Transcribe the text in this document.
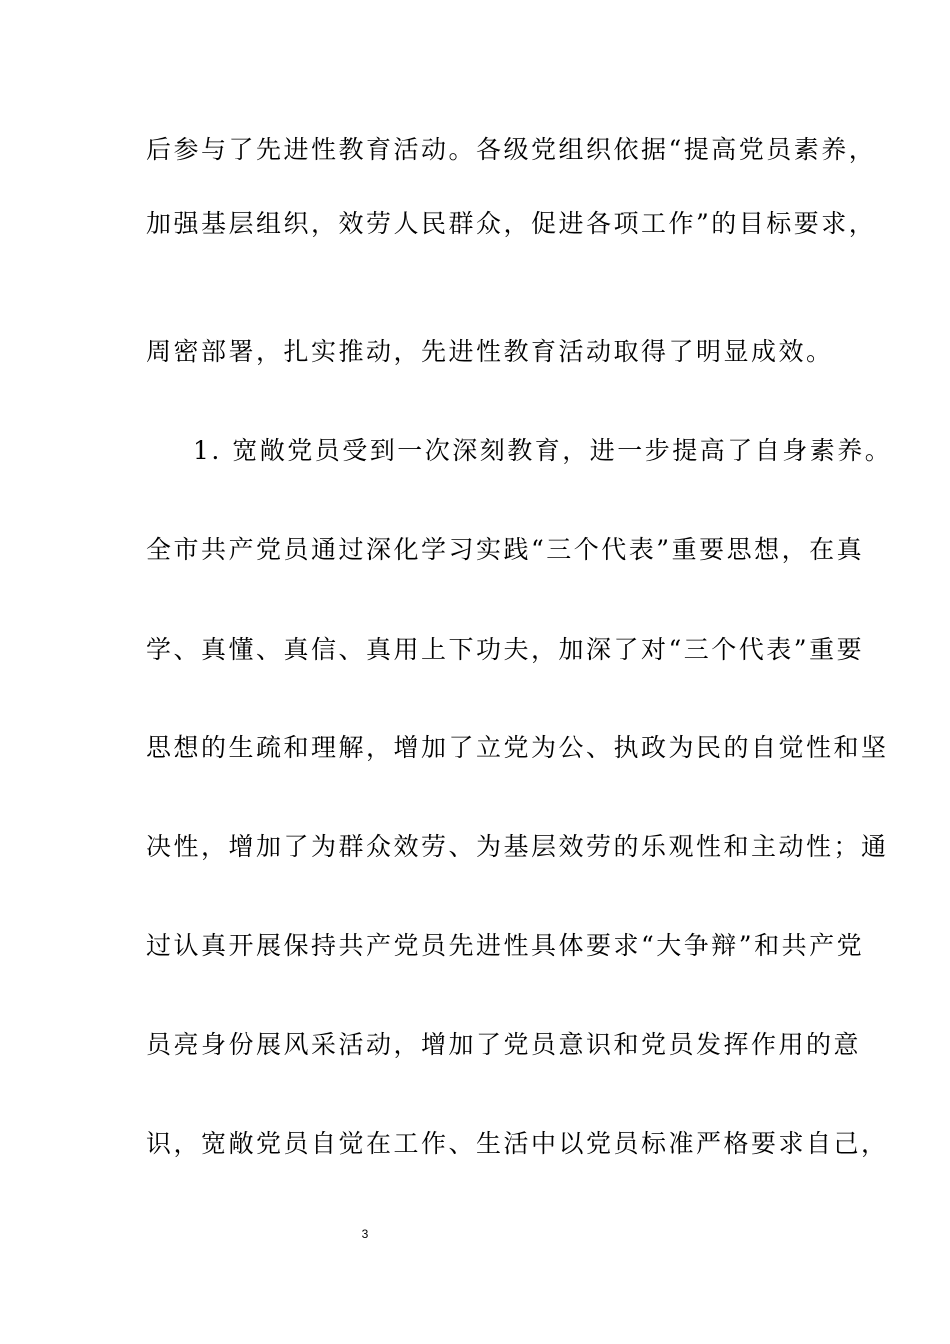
后参与了先进性教育活动。各级党组织依据“提高党员素养，
加强基层组织，效劳人民群众，促进各项工作”的目标要求，
周密部署，扎实推动，先进性教育活动取得了明显成效。
1. 宽敞党员受到一次深刻教育，进一步提高了自身素养。
全市共产党员通过深化学习实践“三个代表”重要思想，在真
学、真懂、真信、真用上下功夫，加深了对“三个代表”重要
思想的生疏和理解，增加了立党为公、执政为民的自觉性和坚
决性，增加了为群众效劳、为基层效劳的乐观性和主动性；通
过认真开展保持共产党员先进性具体要求“大争辩”和共产党
员亮身份展风采活动，增加了党员意识和党员发挥作用的意
识，宽敞党员自觉在工作、生活中以党员标准严格要求自己，
3
